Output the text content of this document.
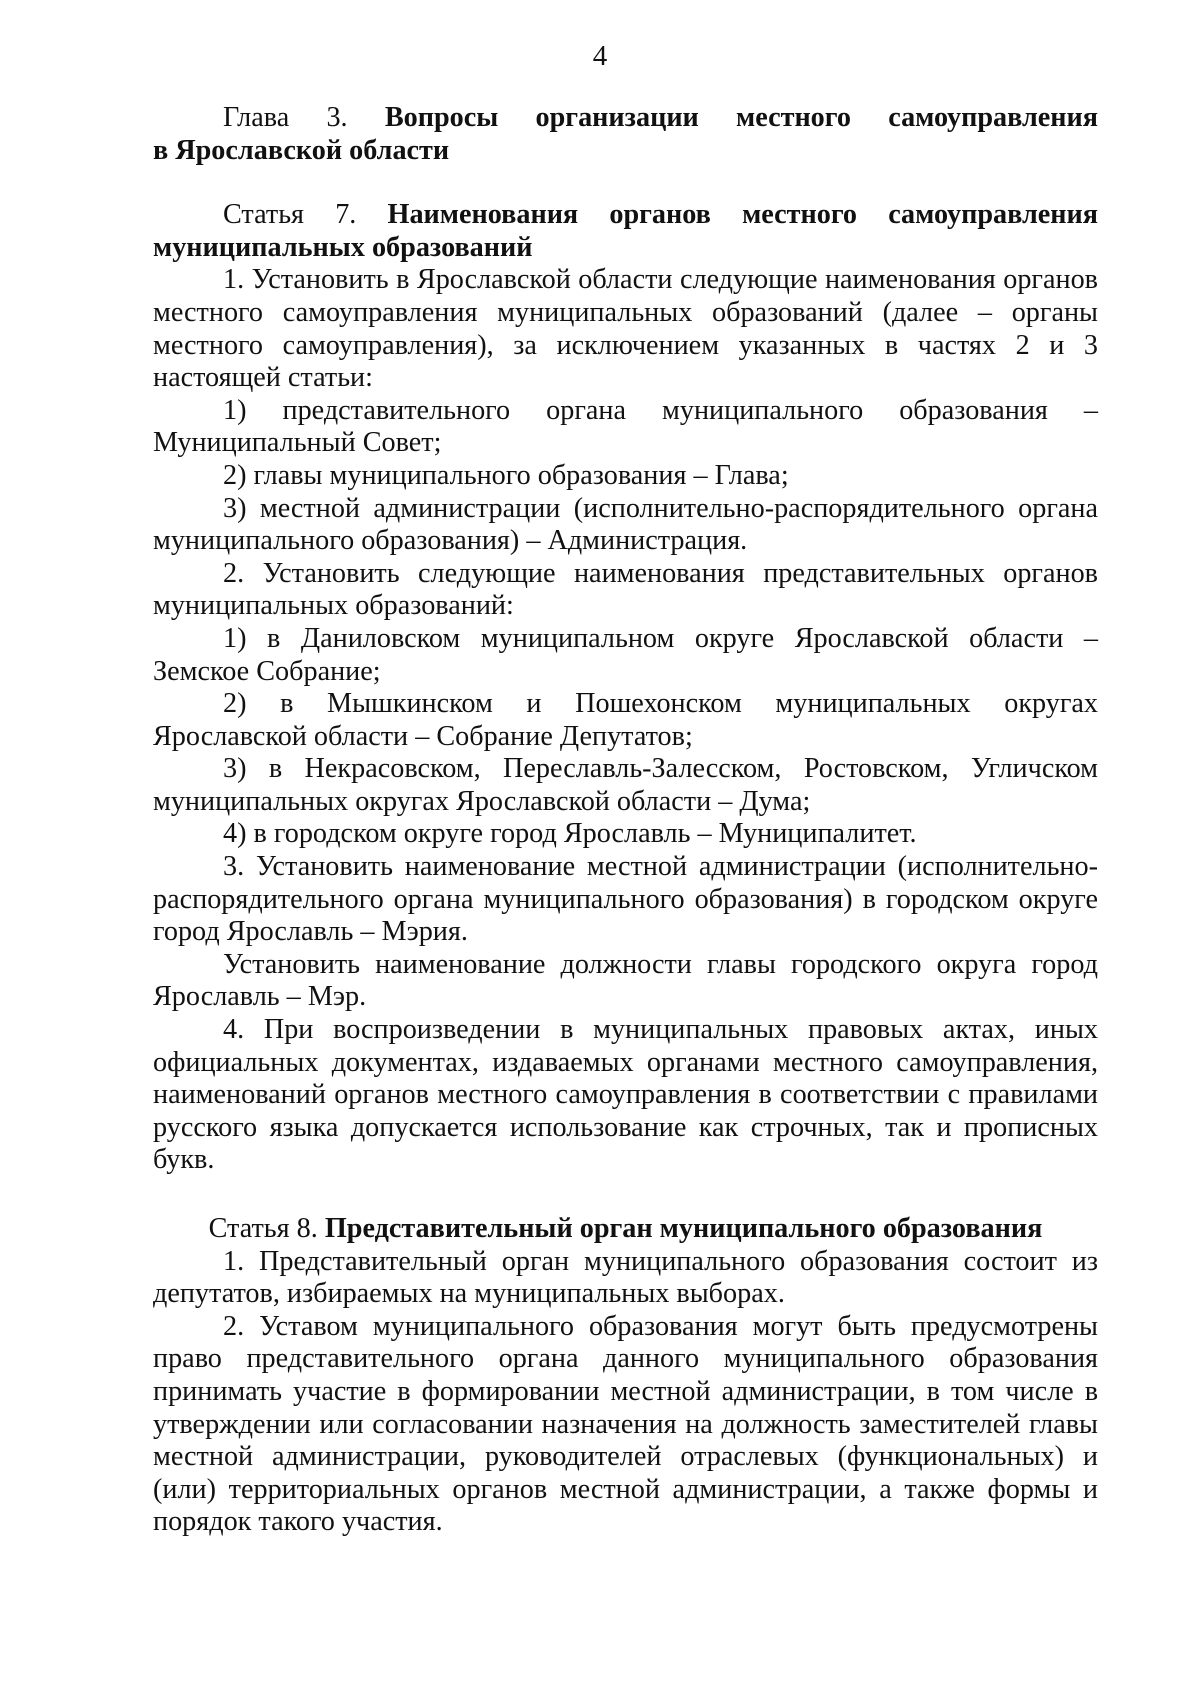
4
Глава 3. Вопросы организации местного самоуправления

в Ярославской области

Статья 7. Наименования органов местного самоуправления

муниципальных образований

1. Установить в Ярославской области следующие наименования органов местного самоуправления муниципальных образований (далее – органы местного самоуправления), за исключением указанных в частях 2 и 3 настоящей статьи:

1) представительного органа муниципального образования – Муниципальный Совет;

2) главы муниципального образования – Глава;

3) местной администрации (исполнительно-распорядительного органа муниципального образования) – Администрация.

2. Установить следующие наименования представительных органов муниципальных образований:

1) в Даниловском муниципальном округе Ярославской области – Земское Собрание;

2) в Мышкинском и Пошехонском муниципальных округах Ярославской области – Собрание Депутатов;

3) в Некрасовском, Переславль-Залесском, Ростовском, Угличском муниципальных округах Ярославской области – Дума;

4) в городском округе город Ярославль – Муниципалитет.

3. Установить наименование местной администрации (исполнительно-распорядительного органа муниципального образования) в городском округе город Ярославль – Мэрия.

Установить наименование должности главы городского округа город Ярославль – Мэр.

4. При воспроизведении в муниципальных правовых актах, иных официальных документах, издаваемых органами местного самоуправления, наименований органов местного самоуправления в соответствии с правилами русского языка допускается использование как строчных, так и прописных букв.

Статья 8. Представительный орган муниципального образования

1. Представительный орган муниципального образования состоит из депутатов, избираемых на муниципальных выборах.

2. Уставом муниципального образования могут быть предусмотрены право представительного органа данного муниципального образования принимать участие в формировании местной администрации, в том числе в утверждении или согласовании назначения на должность заместителей главы местной администрации, руководителей отраслевых (функциональных) и (или) территориальных органов местной администрации, а также формы и порядок такого участия.
